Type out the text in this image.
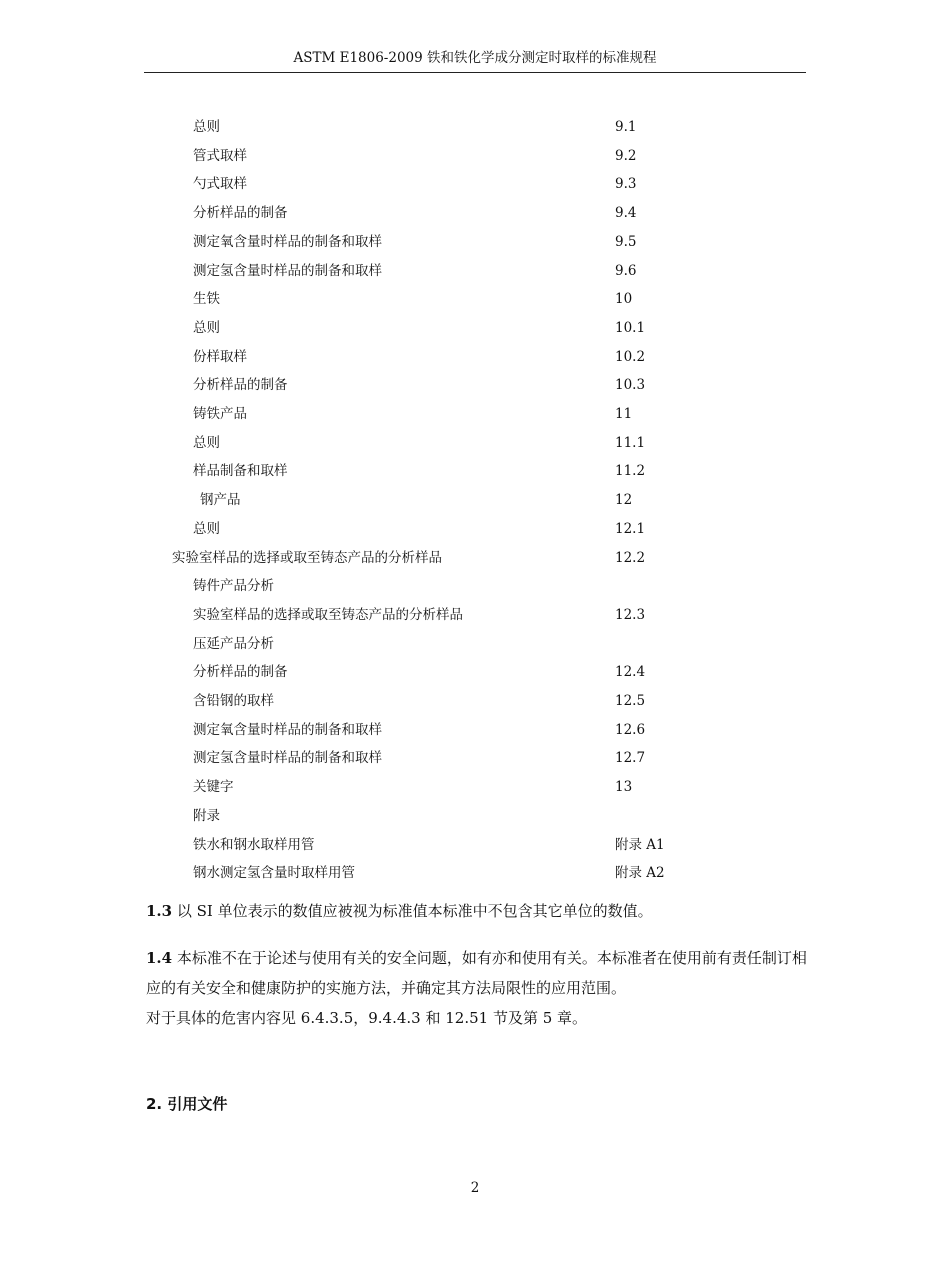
ASTM E1806-2009 铁和铁化学成分测定时取样的标准规程
总则	9.1
管式取样	9.2
勺式取样	9.3
分析样品的制备	9.4
测定氧含量时样品的制备和取样	9.5
测定氢含量时样品的制备和取样	9.6
生铁	10
总则	10.1
份样取样	10.2
分析样品的制备	10.3
铸铁产品	11
总则	11.1
样品制备和取样	11.2
钢产品	12
总则	12.1
实验室样品的选择或取至铸态产品的分析样品	12.2
铸件产品分析
实验室样品的选择或取至铸态产品的分析样品	12.3
压延产品分析
分析样品的制备	12.4
含铅钢的取样	12.5
测定氧含量时样品的制备和取样	12.6
测定氢含量时样品的制备和取样	12.7
关键字	13
附录
铁水和钢水取样用管	附录 A1
钢水测定氢含量时取样用管	附录 A2
1.3 以 SI 单位表示的数值应被视为标准值本标准中不包含其它单位的数值。
1.4 本标准不在于论述与使用有关的安全问题，如有亦和使用有关。本标准者在使用前有责任制订相应的有关安全和健康防护的实施方法，并确定其方法局限性的应用范围。
对于具体的危害内容见 6.4.3.5，9.4.4.3 和 12.51 节及第 5 章。
2. 引用文件
2
